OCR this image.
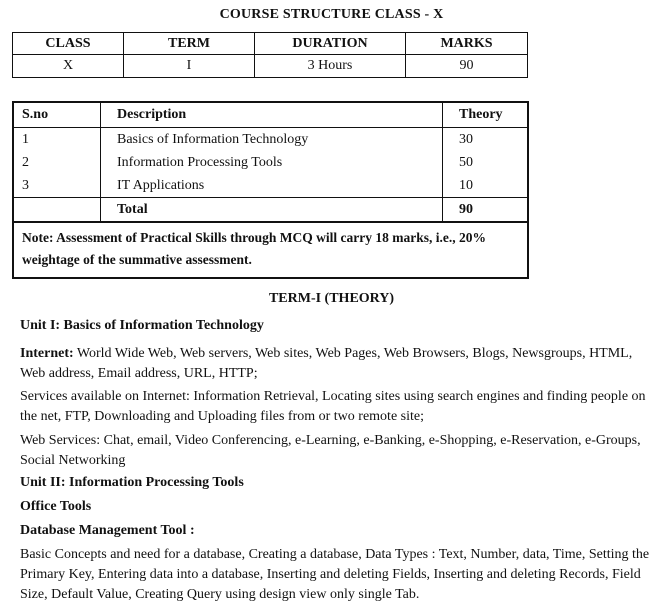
COURSE STRUCTURE CLASS - X
CLASS	TERM	DURATION	MARKS
X	I	3 Hours	90
S.no	Description	Theory
1	Basics of Information Technology	30
2	Information Processing Tools	50
3	IT Applications	10
	Total	90
Note: Assessment of Practical Skills through MCQ will carry 18 marks, i.e., 20% weightage of the summative assessment.		
TERM-I (THEORY)
Unit I: Basics of Information Technology
Internet: World Wide Web, Web servers, Web sites, Web Pages, Web Browsers, Blogs, Newsgroups, HTML, Web address, Email address, URL, HTTP;
Services available on Internet: Information Retrieval, Locating sites using search engines and finding people on the net, FTP, Downloading and Uploading files from or two remote site;
Web Services: Chat, email, Video Conferencing, e-Learning, e-Banking, e-Shopping, e-Reservation, e-Groups, Social Networking
Unit II: Information Processing Tools
Office Tools
Database Management Tool :
Basic Concepts and need for a database, Creating a database, Data Types : Text, Number, data, Time, Setting the Primary Key, Entering data into a database, Inserting and deleting Fields, Inserting and deleting Records, Field Size, Default Value, Creating Query using design view only single Tab.
